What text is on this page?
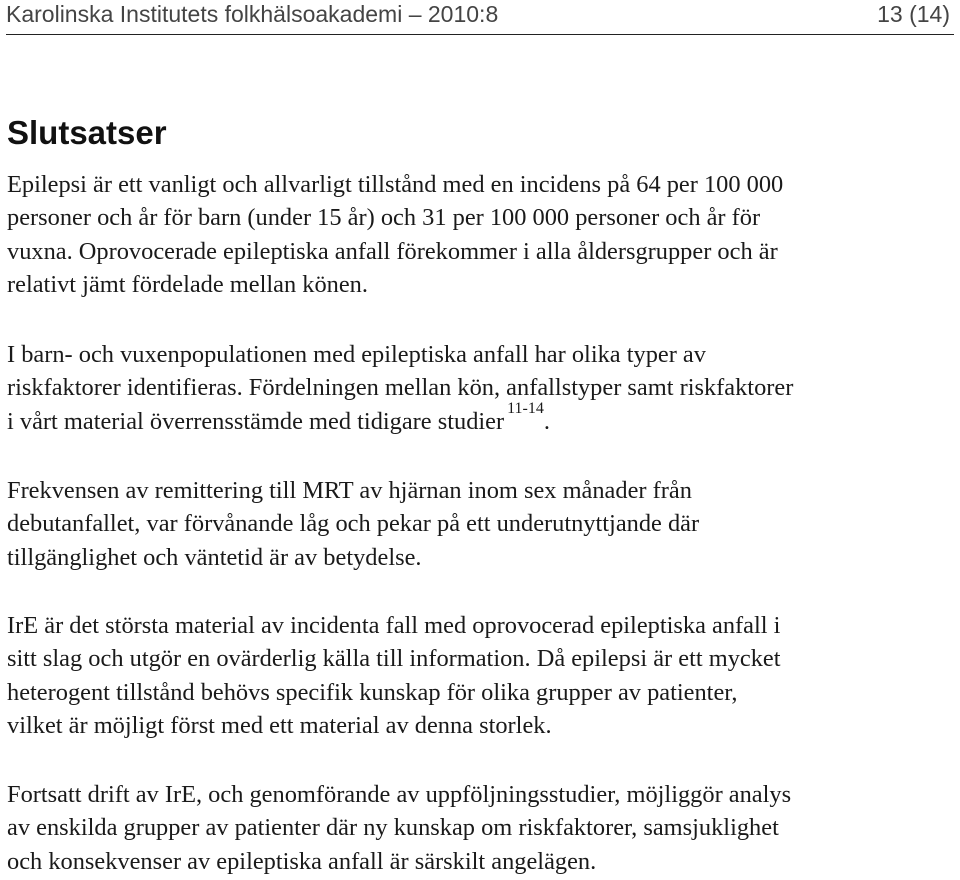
Karolinska Institutets folkhälsoakademi – 2010:8	13 (14)
Slutsatser
Epilepsi är ett vanligt och allvarligt tillstånd med en incidens på 64 per 100 000
personer och år för barn (under 15 år) och 31 per 100 000 personer och år för
vuxna. Oprovocerade epileptiska anfall förekommer i alla åldersgrupper och är
relativt jämt fördelade mellan könen.
I barn- och vuxenpopulationen med epileptiska anfall har olika typer av
riskfaktorer identifieras. Fördelningen mellan kön, anfallstyper samt riskfaktorer
i vårt material överrensstämde med tidigare studier $^{11-14}$.
Frekvensen av remittering till MRT av hjärnan inom sex månader från
debutanfallet, var förvånande låg och pekar på ett underutnyttjande där
tillgänglighet och väntetid är av betydelse.
IrE är det största material av incidenta fall med oprovocerad epileptiska anfall i
sitt slag och utgör en ovärderlig källa till information. Då epilepsi är ett mycket
heterogent tillstånd behövs specifik kunskap för olika grupper av patienter,
vilket är möjligt först med ett material av denna storlek.
Fortsatt drift av IrE, och genomförande av uppföljningsstudier, möjliggör analys
av enskilda grupper av patienter där ny kunskap om riskfaktorer, samsjuklighet
och konsekvenser av epileptiska anfall är särskilt angelägen.
